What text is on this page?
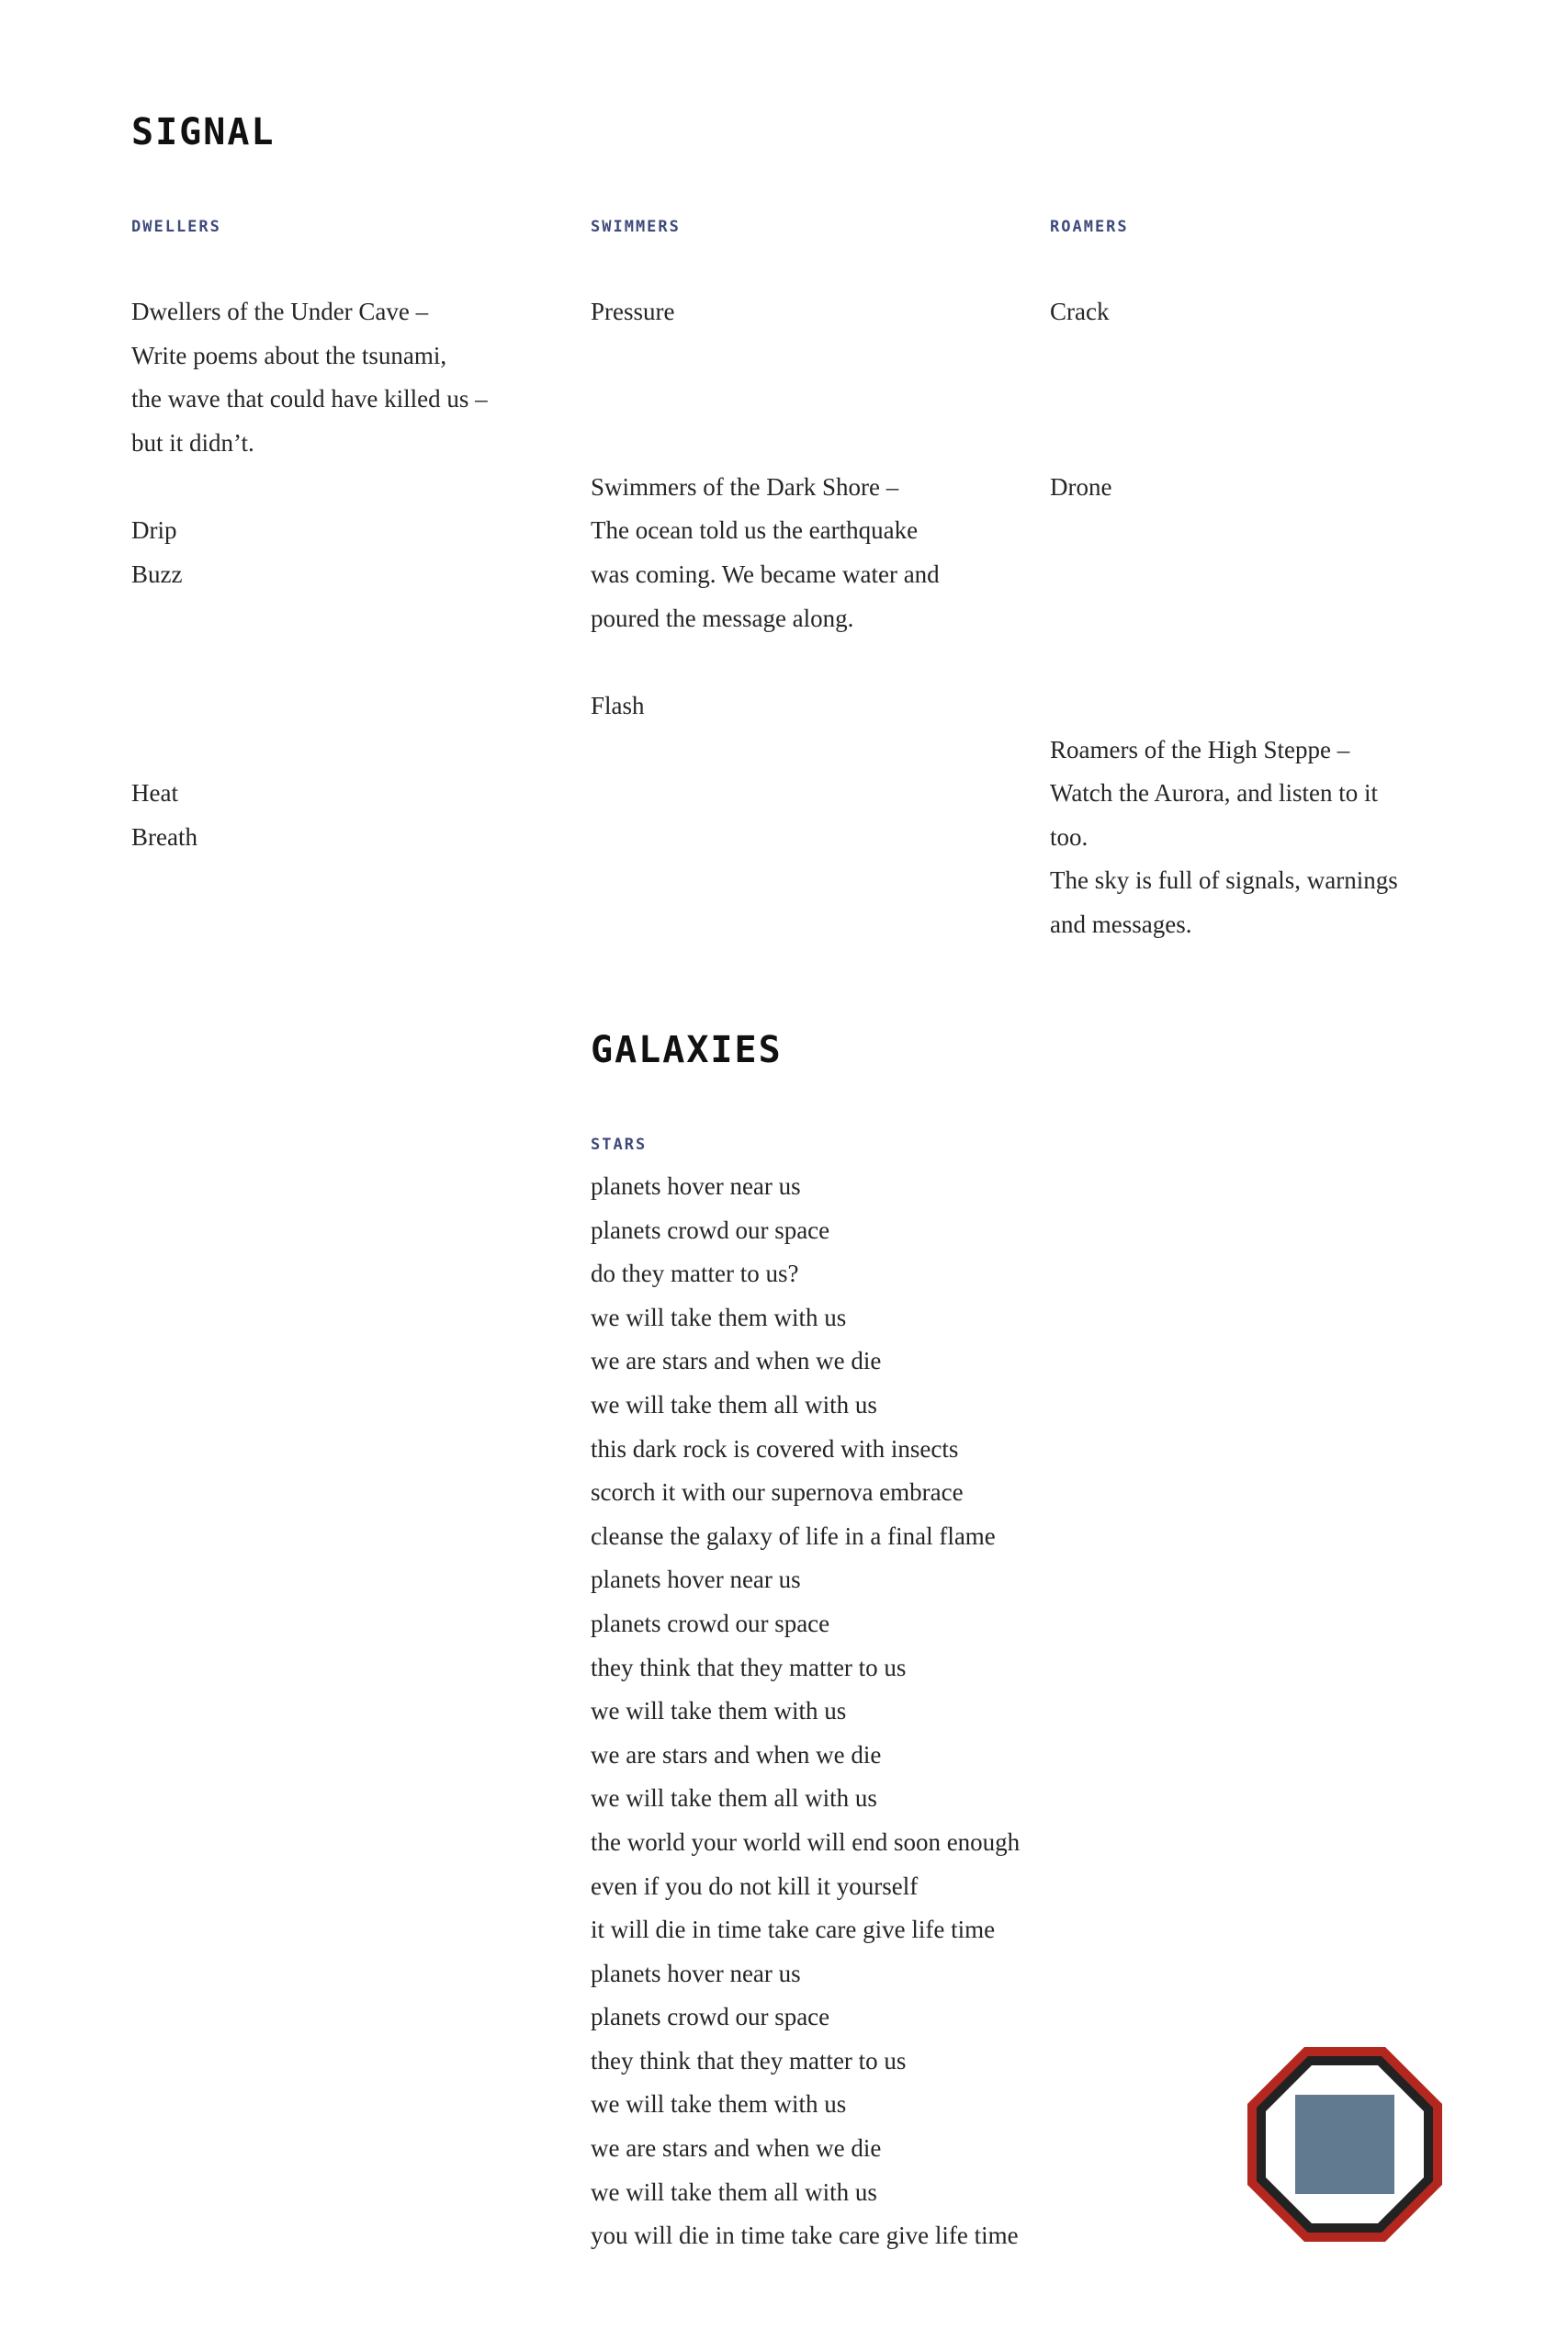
SIGNAL
DWELLERS	SWIMMERS	ROAMERS

Dwellers of the Under Cave –

Write poems about the tsunami,

the wave that could have killed us –

but it didn’t.

Drip

Buzz

Heat

Breath

Pressure

Swimmers of the Dark Shore –

The ocean told us the earthquake

was coming. We became water and

poured the message along.

Flash

Crack

Drone

Roamers of the High Steppe –

Watch the Aurora, and listen to it

too.

The sky is full of signals, warnings

and messages.

GALAXIES
STARS
planets hover near us
planets crowd our space
do they matter to us?
we will take them with us
we are stars and when we die
we will take them all with us
this dark rock is covered with insects
scorch it with our supernova embrace
cleanse the galaxy of life in a final flame
planets hover near us
planets crowd our space
they think that they matter to us
we will take them with us
we are stars and when we die
we will take them all with us
the world your world will end soon enough
even if you do not kill it yourself
it will die in time take care give life time
planets hover near us
planets crowd our space
they think that they matter to us
we will take them with us
we are stars and when we die
we will take them all with us
you will die in time take care give life time
